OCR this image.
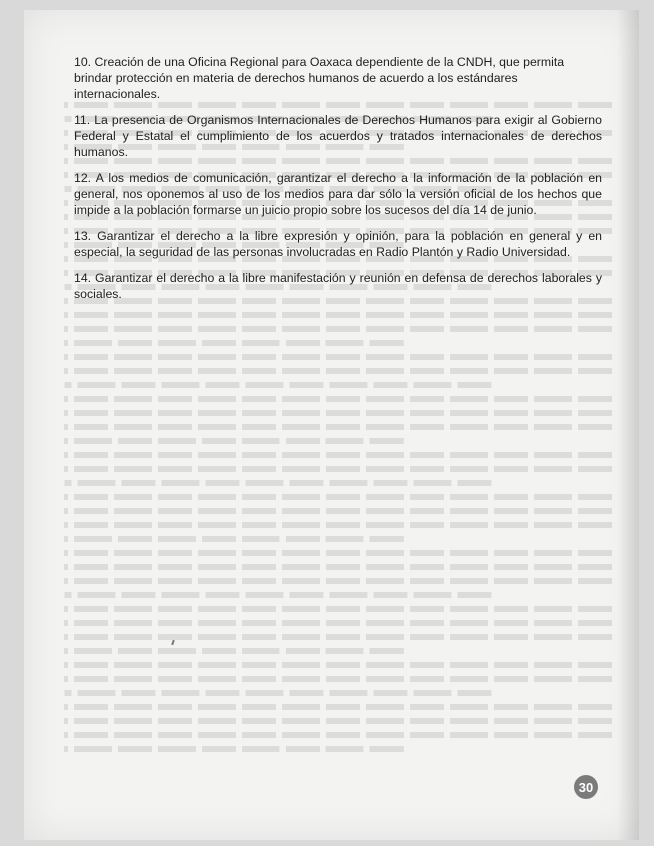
10. Creación de una Oficina Regional para Oaxaca dependiente de la CNDH, que permita brindar protección en materia de derechos humanos de acuerdo a los estándares internacionales.

11. La presencia de Organismos Internacionales de Derechos Humanos para exigir al Gobierno Federal y Estatal el cumplimiento de los acuerdos y tratados internacionales de derechos humanos.

12. A los medios de comunicación, garantizar el derecho a la información de la población en general, nos oponemos al uso de los medios para dar sólo la versión oficial de los hechos que impide a la población formarse un juicio propio sobre los sucesos del día 14 de junio.

13. Garantizar el derecho a la libre expresión y opinión, para la población en general y en especial, la seguridad de las personas involucradas en Radio Plantón y Radio Universidad.

14. Garantizar el derecho a la libre manifestación y reunión en defensa de derechos laborales y sociales.

30
